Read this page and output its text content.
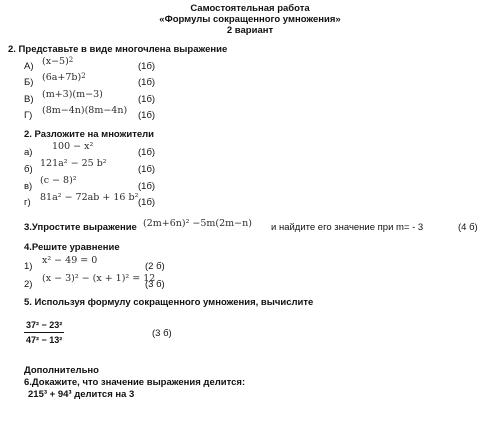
Самостоятельная работа
«Формулы сокращенного умножения»
2 вариант
2. Представьте в виде многочлена выражение
А) $(x-5)^2$
(1б)
Б) $(6a+7b)^2$
(1б)
В) (m+3)(m−3)	(1б)
Г) (8m−4n)(8m−4n) (1б)
2. Разложите на множители
а)
100 − x²
(1б)
б)
121a² − 25 b²
(1б)
в)
(c − 8)²
(1б)
г) 81a² − 72ab + 16 b² (1б)
3.Упростите выражение (2m+6n)² −5m(2m−n) и найдите его значение при m= - 3	(4 б)
4.Решите уравнение
1)
x² − 49 = 0
(2 б)
2)
(x − 3)² − (x + 1)² = 12
(3 б)
5. Используя формулу сокращенного умножения, вычислите
$\frac{\text{37² − 23²}}{\text{47² − 13²}}$	(3 б)
Дополнительно
6.Докажите, что значение выражения делится:
215³ + 94³ делится на 3
